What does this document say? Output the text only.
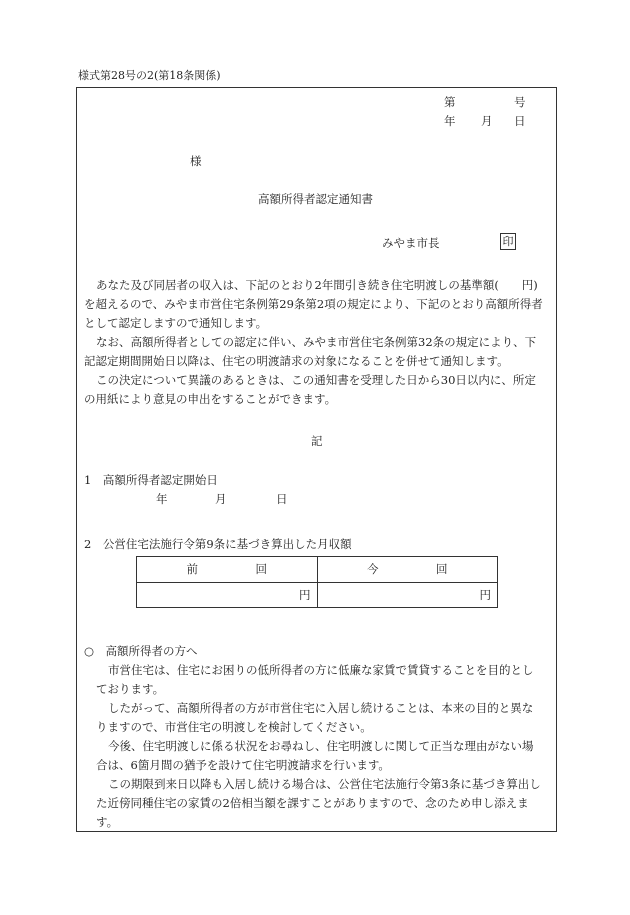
様式第28号の2(第18条関係)
第	号
年 月 日
様
高額所得者認定通知書
みやま市長	印
あなた及び同居者の収入は、下記のとおり2年間引き続き住宅明渡しの基準額(　　円)
を超えるので、みやま市営住宅条例第29条第2項の規定により、下記のとおり高額所得者
として認定しますので通知します。
なお、高額所得者としての認定に伴い、みやま市営住宅条例第32条の規定により、下
記認定期間開始日以降は、住宅の明渡請求の対象になることを併せて通知します。
この決定について異議のあるときは、この通知書を受理した日から30日以内に、所定
の用紙により意見の申出をすることができます。
記
1　高額所得者認定開始日
年	月	日
2　公営住宅法施行令第9条に基づき算出した月収額
前　　　　　回	今　　　　　回
円	円
○　高額所得者の方へ
市営住宅は、住宅にお困りの低所得者の方に低廉な家賃で賃貸することを目的とし
ております。
したがって、高額所得者の方が市営住宅に入居し続けることは、本来の目的と異な
りますので、市営住宅の明渡しを検討してください。
今後、住宅明渡しに係る状況をお尋ねし、住宅明渡しに関して正当な理由がない場
合は、6箇月間の猶予を設けて住宅明渡請求を行います。
この期限到来日以降も入居し続ける場合は、公営住宅法施行令第3条に基づき算出し
た近傍同種住宅の家賃の2倍相当額を課すことがありますので、念のため申し添えま
す。
